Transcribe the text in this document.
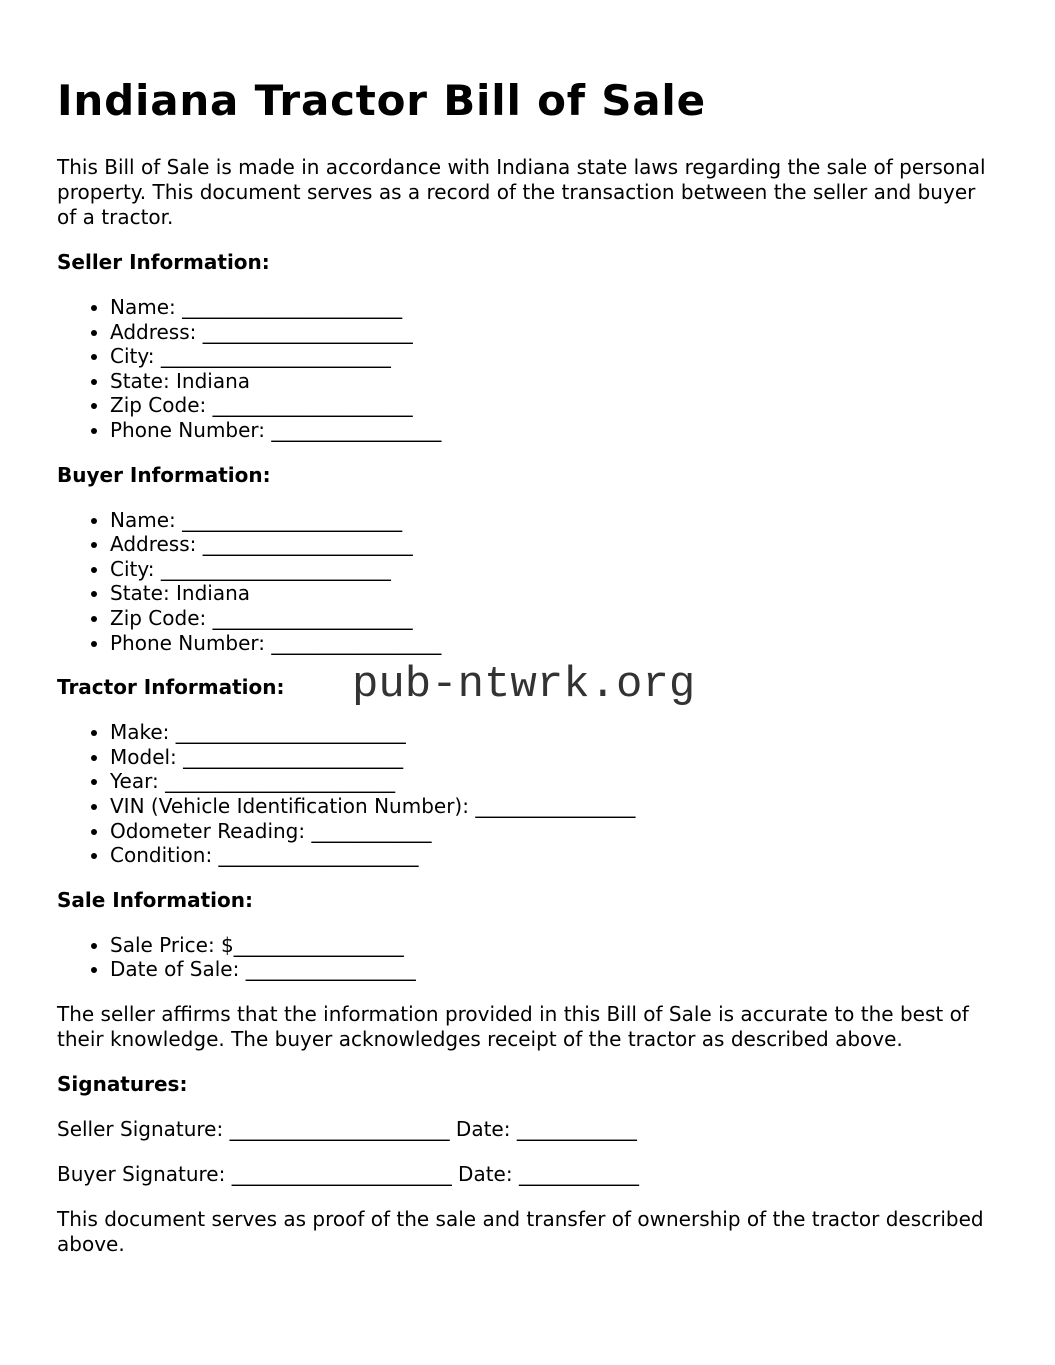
Indiana Tractor Bill of Sale

This Bill of Sale is made in accordance with Indiana state laws regarding the sale of personal property. This document serves as a record of the transaction between the seller and buyer of a tractor.

Seller Information:

• Name: ______________________
• Address: _____________________
• City: _______________________
• State: Indiana
• Zip Code: ____________________
• Phone Number: _________________

Buyer Information:

• Name: ______________________
• Address: _____________________
• City: _______________________
• State: Indiana
• Zip Code: ____________________
• Phone Number: _________________

Tractor Information:

• Make: _______________________
• Model: ______________________
• Year: _______________________
• VIN (Vehicle Identification Number): ________________
• Odometer Reading: ____________
• Condition: ____________________

Sale Information:

• Sale Price: $_________________
• Date of Sale: _________________

The seller affirms that the information provided in this Bill of Sale is accurate to the best of their knowledge. The buyer acknowledges receipt of the tractor as described above.

Signatures:

Seller Signature: ______________________ Date: ____________

Buyer Signature: ______________________ Date: ____________

This document serves as proof of the sale and transfer of ownership of the tractor described above.

pub-ntwrk.org
